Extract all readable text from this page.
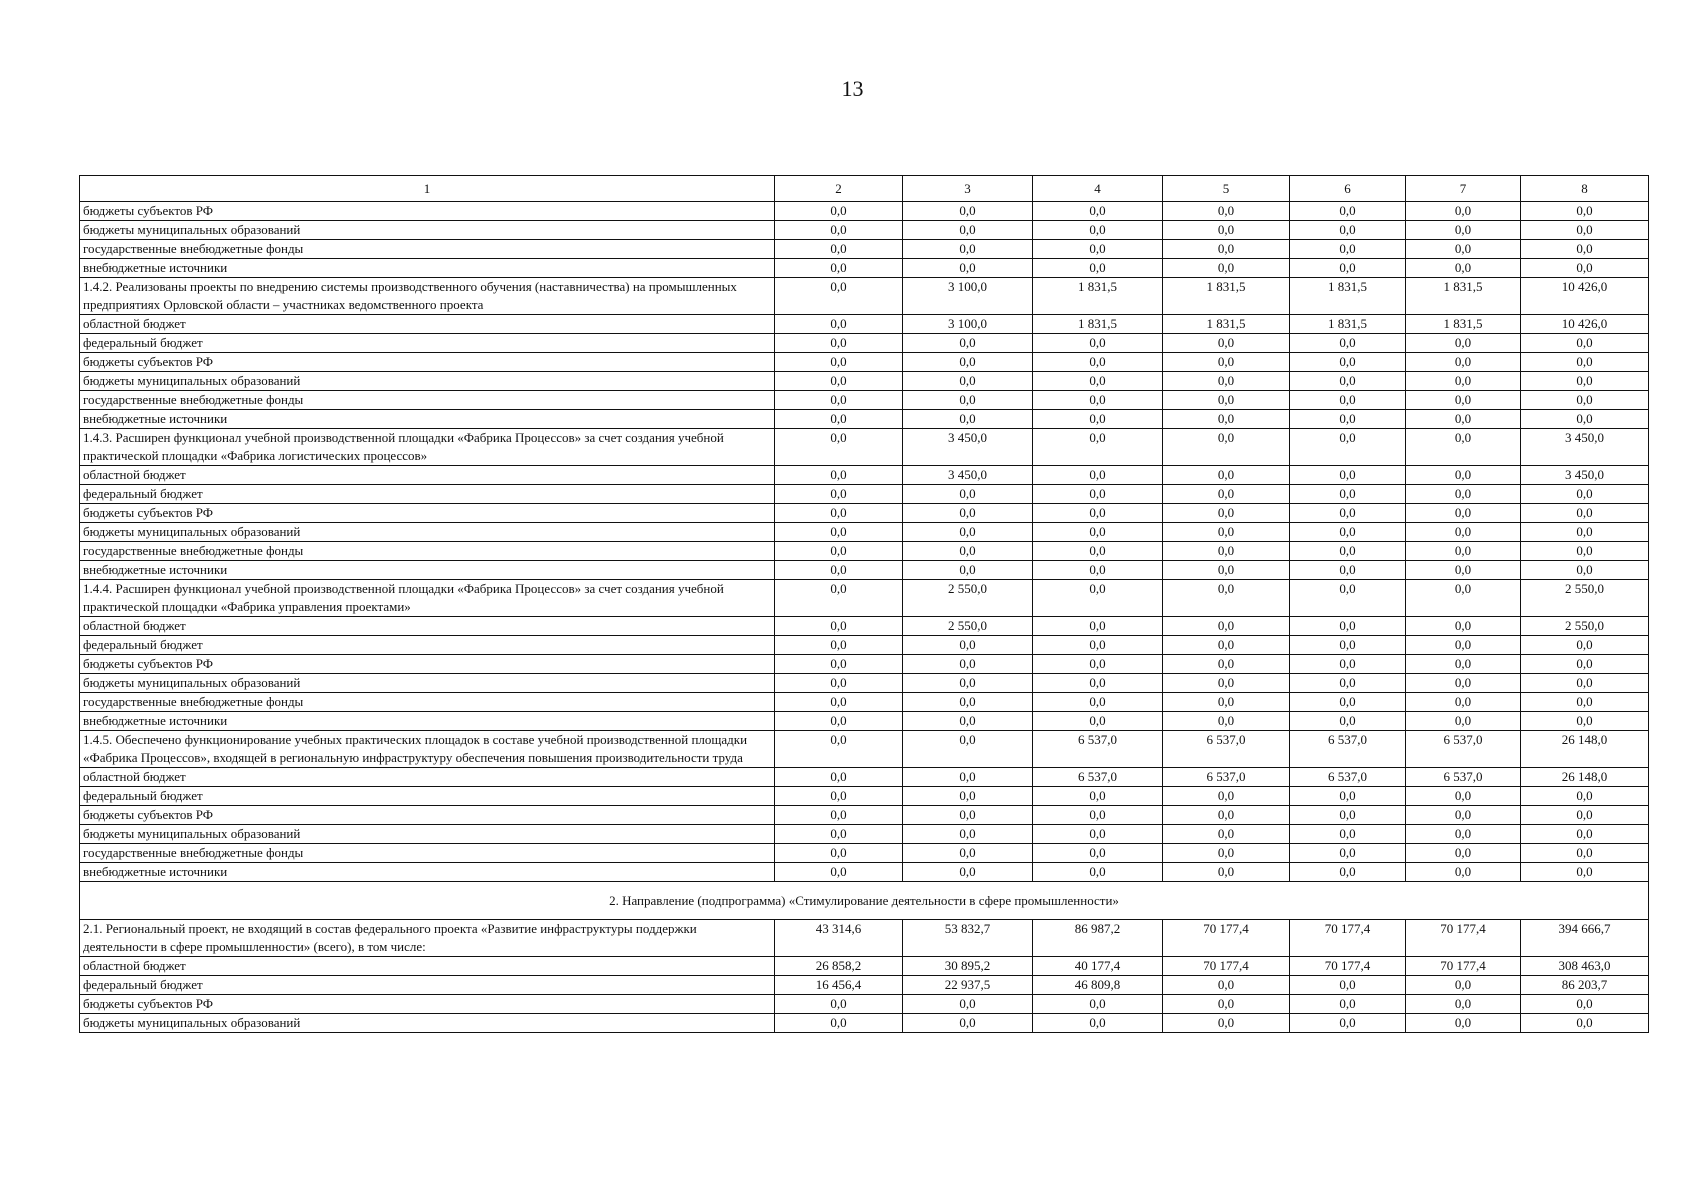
13
1	2	3	4	5	6	7	8
бюджеты субъектов РФ	0,0	0,0	0,0	0,0	0,0	0,0	0,0
бюджеты муниципальных образований	0,0	0,0	0,0	0,0	0,0	0,0	0,0
государственные внебюджетные фонды	0,0	0,0	0,0	0,0	0,0	0,0	0,0
внебюджетные источники	0,0	0,0	0,0	0,0	0,0	0,0	0,0
1.4.2. Реализованы проекты по внедрению системы производственного обучения (наставничества) на промышленных предприятиях Орловской области – участниках ведомственного проекта	0,0	3 100,0	1 831,5	1 831,5	1 831,5	1 831,5	10 426,0
областной бюджет	0,0	3 100,0	1 831,5	1 831,5	1 831,5	1 831,5	10 426,0
федеральный бюджет	0,0	0,0	0,0	0,0	0,0	0,0	0,0
бюджеты субъектов РФ	0,0	0,0	0,0	0,0	0,0	0,0	0,0
бюджеты муниципальных образований	0,0	0,0	0,0	0,0	0,0	0,0	0,0
государственные внебюджетные фонды	0,0	0,0	0,0	0,0	0,0	0,0	0,0
внебюджетные источники	0,0	0,0	0,0	0,0	0,0	0,0	0,0
1.4.3. Расширен функционал учебной производственной площадки «Фабрика Процессов» за счет создания учебной практической площадки «Фабрика логистических процессов»	0,0	3 450,0	0,0	0,0	0,0	0,0	3 450,0
областной бюджет	0,0	3 450,0	0,0	0,0	0,0	0,0	3 450,0
федеральный бюджет	0,0	0,0	0,0	0,0	0,0	0,0	0,0
бюджеты субъектов РФ	0,0	0,0	0,0	0,0	0,0	0,0	0,0
бюджеты муниципальных образований	0,0	0,0	0,0	0,0	0,0	0,0	0,0
государственные внебюджетные фонды	0,0	0,0	0,0	0,0	0,0	0,0	0,0
внебюджетные источники	0,0	0,0	0,0	0,0	0,0	0,0	0,0
1.4.4. Расширен функционал учебной производственной площадки «Фабрика Процессов» за счет создания учебной практической площадки «Фабрика управления проектами»	0,0	2 550,0	0,0	0,0	0,0	0,0	2 550,0
областной бюджет	0,0	2 550,0	0,0	0,0	0,0	0,0	2 550,0
федеральный бюджет	0,0	0,0	0,0	0,0	0,0	0,0	0,0
бюджеты субъектов РФ	0,0	0,0	0,0	0,0	0,0	0,0	0,0
бюджеты муниципальных образований	0,0	0,0	0,0	0,0	0,0	0,0	0,0
государственные внебюджетные фонды	0,0	0,0	0,0	0,0	0,0	0,0	0,0
внебюджетные источники	0,0	0,0	0,0	0,0	0,0	0,0	0,0
1.4.5. Обеспечено функционирование учебных практических площадок в составе учебной производственной площадки «Фабрика Процессов», входящей в региональную инфраструктуру обеспечения повышения производительности труда	0,0	0,0	6 537,0	6 537,0	6 537,0	6 537,0	26 148,0
областной бюджет	0,0	0,0	6 537,0	6 537,0	6 537,0	6 537,0	26 148,0
федеральный бюджет	0,0	0,0	0,0	0,0	0,0	0,0	0,0
бюджеты субъектов РФ	0,0	0,0	0,0	0,0	0,0	0,0	0,0
бюджеты муниципальных образований	0,0	0,0	0,0	0,0	0,0	0,0	0,0
государственные внебюджетные фонды	0,0	0,0	0,0	0,0	0,0	0,0	0,0
внебюджетные источники	0,0	0,0	0,0	0,0	0,0	0,0	0,0
2. Направление (подпрограмма) «Стимулирование деятельности в сфере промышленности»							
2.1. Региональный проект, не входящий в состав федерального проекта «Развитие инфраструктуры поддержки деятельности в сфере промышленности» (всего), в том числе:	43 314,6	53 832,7	86 987,2	70 177,4	70 177,4	70 177,4	394 666,7
областной бюджет	26 858,2	30 895,2	40 177,4	70 177,4	70 177,4	70 177,4	308 463,0
федеральный бюджет	16 456,4	22 937,5	46 809,8	0,0	0,0	0,0	86 203,7
бюджеты субъектов РФ	0,0	0,0	0,0	0,0	0,0	0,0	0,0
бюджеты муниципальных образований	0,0	0,0	0,0	0,0	0,0	0,0	0,0
